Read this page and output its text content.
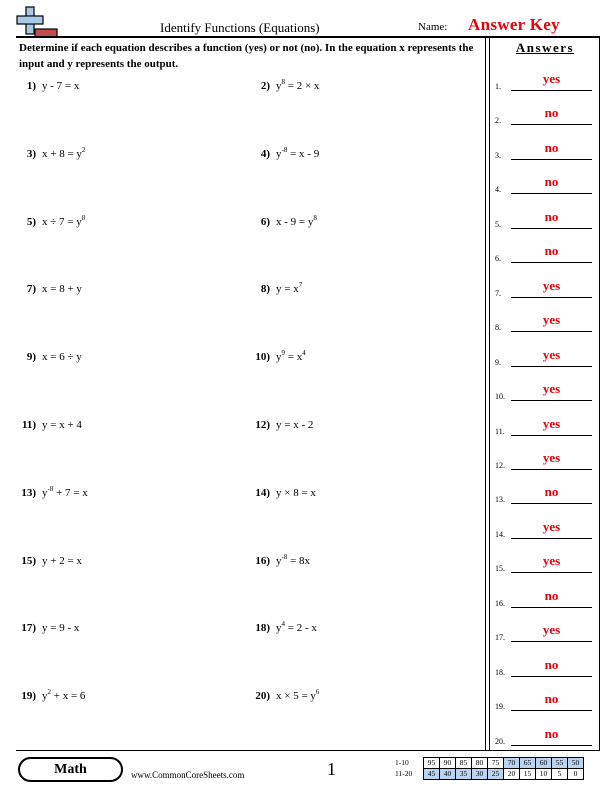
Identify Functions (Equations)	Name: Answer Key
Determine if each equation describes a function (yes) or not (no). In the equation x represents the input and y represents the output.
1) y - 7 = x	2) $y^8 = 2 \times x$
3) $x + 8 = y^2$	4) $y^{-8} = x - 9$
5) $x \div 7 = y^8$	6) $x - 9 = y^8$
7) x = 8 + y	8) $y = x^7$
9) x = 6 ÷ y	10) $y^9 = x^4$
11) y = x + 4	12) y = x - 2
13) $y^{-8} + 7 = x$	14) y × 8 = x
15) y + 2 = x	16) $y^{-8} = 8x$
17) y = 9 - x	18) $y^4 = 2 - x$
19) $y^2 + x = 6$	20) $x \times 5 = y^6$
Answers
1.
yes
2.
no
3.
no
4.
no
5.
no
6.
no
7.
yes
8.
yes
9.
yes
10.
yes
11.
yes
12.
yes
13.
no
14.
yes
15.
yes
16.
no
17.
yes
18.
no
19.
no
20.
no
Math	www.CommonCoreSheets.com	1	1-10	95	90	85	80	75	70	65	60	55	50
11-20	45	40	35	30	25	20	15	10	5	0
